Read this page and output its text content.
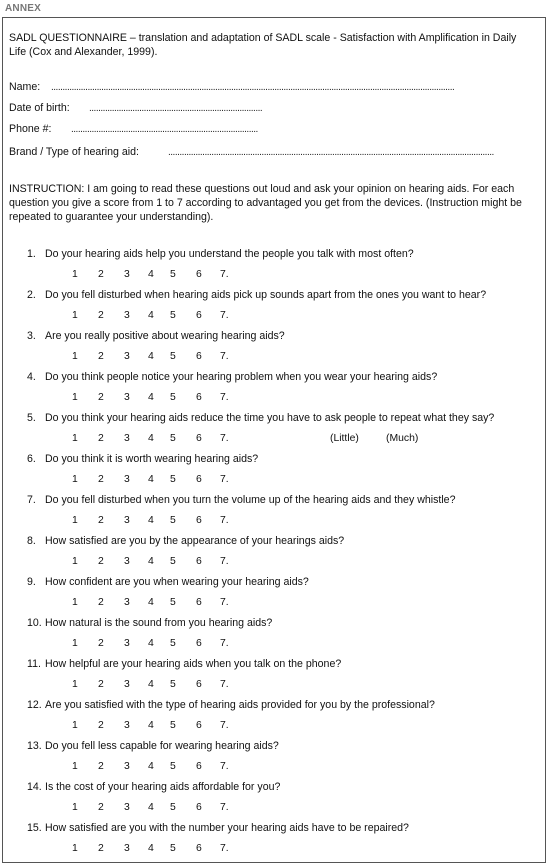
ANNEX
SADL QUESTIONNAIRE – translation and adaptation of SADL scale - Satisfaction with Amplification in Daily Life (Cox and Alexander, 1999).
Name: .................................................................................................................................................................................
Date of birth: ............................................................................
Phone #: ..................................................................................
Brand / Type of hearing aid:	...............................................................................................................................................
INSTRUCTION: I am going to read these questions out loud and ask your opinion on hearing aids. For each question you give a score from 1 to 7 according to advantaged you get from the devices. (Instruction might be repeated to guarantee your understanding).
1. Do your hearing aids help you understand the people you talk with most often?
1 2 3 4 5 6 7.
2. Do you fell disturbed when hearing aids pick up sounds apart from the ones you want to hear?
1 2 3 4 5 6 7.
3. Are you really positive about wearing hearing aids?
1 2 3 4 5 6 7.
4. Do you think people notice your hearing problem when you wear your hearing aids?
1 2 3 4 5 6 7.
5. Do you think your hearing aids reduce the time you have to ask people to repeat what they say?
1 2 3 4 5 6 7.	(Little)	(Much)
6. Do you think it is worth wearing hearing aids?
1 2 3 4 5 6 7.
7. Do you fell disturbed when you turn the volume up of the hearing aids and they whistle?
1 2 3 4 5 6 7.
8. How satisfied are you by the appearance of your hearings aids?
1 2 3 4 5 6 7.
9. How confident are you when wearing your hearing aids?
1 2 3 4 5 6 7.
10. How natural is the sound from you hearing aids?
1 2 3 4 5 6 7.
11. How helpful are your hearing aids when you talk on the phone?
1 2 3 4 5 6 7.
12. Are you satisfied with the type of hearing aids provided for you by the professional?
1 2 3 4 5 6 7.
13. Do you fell less capable for wearing hearing aids?
1 2 3 4 5 6 7.
14. Is the cost of your hearing aids affordable for you?
1 2 3 4 5 6 7.
15. How satisfied are you with the number your hearing aids have to be repaired?
1 2 3 4 5 6 7.
